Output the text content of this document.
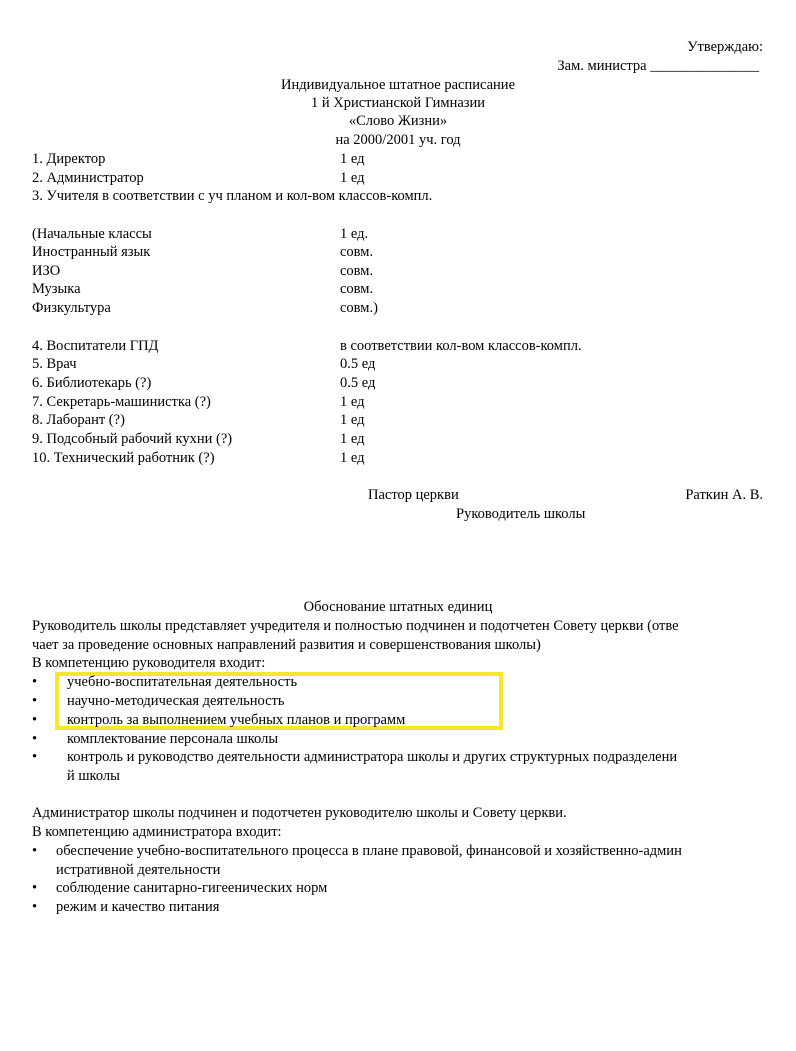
Утверждаю:
Зам. министра _______________
Индивидуальное штатное расписание
1 й Христианской Гимназии
«Слово Жизни»
на 2000/2001 уч. год
1. Директор	1 ед
2. Администратор	1 ед
3. Учителя в соответствии с уч планом и кол-вом классов-компл.
(Начальные классы	1 ед.
Иностранный язык	совм.
ИЗО	совм.
Музыка	совм.
Физкультура	совм.)
4. Воспитатели ГПД	в соответствии кол-вом классов-компл.
5. Врач	0.5 ед
6. Библиотекарь (?)	0.5 ед
7. Секретарь-машинистка (?)	1 ед
8. Лаборант (?)	1 ед
9. Подсобный рабочий кухни (?)	1 ед
10. Технический работник (?)	1 ед
Пастор церкви	Раткин А. В.
Руководитель школы
Обоснование штатных единиц
Руководитель школы представляет учредителя и полностью подчинен и подотчетен Совету церкви (отве
чает за проведение основных направлений развития и совершенствования школы)
В компетенцию руководителя входит:
• учебно-воспитательная деятельность
• научно-методическая деятельность
• контроль за выполнением учебных планов и программ
• комплектование персонала школы
• контроль и руководство деятельности администратора школы и других структурных подразделени
й школы
Администратор школы подчинен и подотчетен руководителю школы и Совету церкви.
В компетенцию администратора входит:
• обеспечение учебно-воспитательного процесса в плане правовой, финансовой и хозяйственно-админ
истративной деятельности
• соблюдение санитарно-гигеенических норм
• режим и качество питания
